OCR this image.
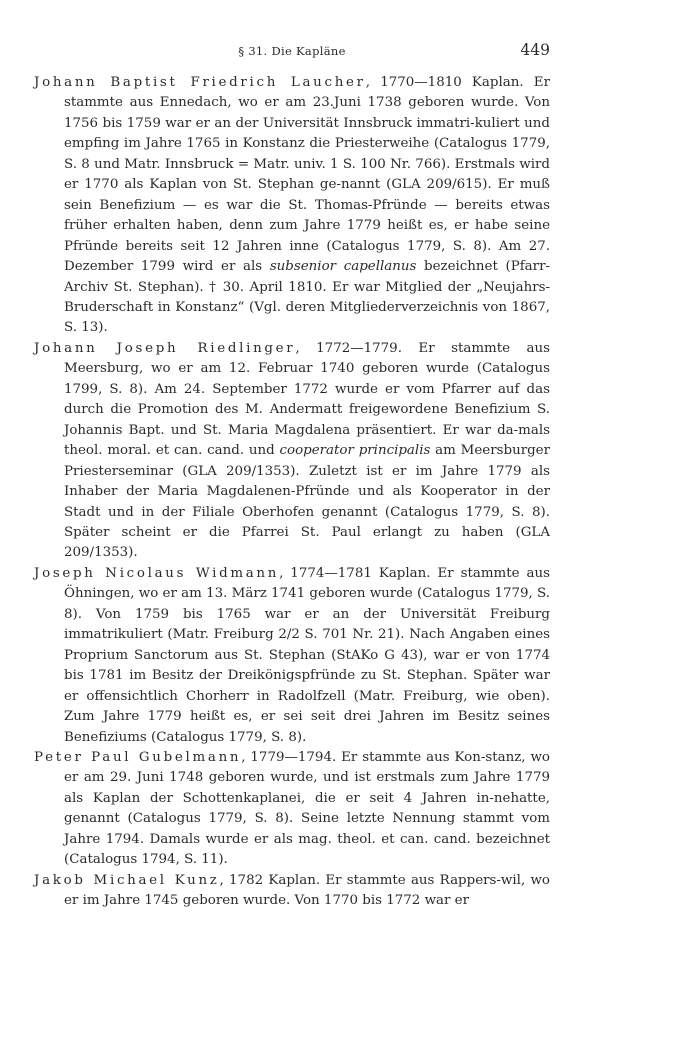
§ 31. Die Kapläne	449

Johann Baptist Friedrich Laucher, 1770—1810 Kaplan. Er stammte aus Ennedach, wo er am 23.Juni 1738 geboren wurde. Von 1756 bis 1759 war er an der Universität Innsbruck immatri-kuliert und empfing im Jahre 1765 in Konstanz die Priesterweihe (Catalogus 1779, S. 8 und Matr. Innsbruck = Matr. univ. 1 S. 100 Nr. 766). Erstmals wird er 1770 als Kaplan von St. Stephan ge-nannt (GLA 209/615). Er muß sein Benefizium — es war die St. Thomas-Pfründe — bereits etwas früher erhalten haben, denn zum Jahre 1779 heißt es, er habe seine Pfründe bereits seit 12 Jahren inne (Catalogus 1779, S. 8). Am 27. Dezember 1799 wird er als subsenior capellanus bezeichnet (Pfarr-Archiv St. Stephan). † 30. April 1810. Er war Mitglied der „Neujahrs-Bruderschaft in Konstanz“ (Vgl. deren Mitgliederverzeichnis von 1867, S. 13).

Johann Joseph Riedlinger, 1772—1779. Er stammte aus Meersburg, wo er am 12. Februar 1740 geboren wurde (Catalogus 1799, S. 8). Am 24. September 1772 wurde er vom Pfarrer auf das durch die Promotion des M. Andermatt freigewordene Benefizium S. Johannis Bapt. und St. Maria Magdalena präsentiert. Er war da-mals theol. moral. et can. cand. und cooperator principalis am Meersburger Priesterseminar (GLA 209/1353). Zuletzt ist er im Jahre 1779 als Inhaber der Maria Magdalenen-Pfründe und als Kooperator in der Stadt und in der Filiale Oberhofen genannt (Catalogus 1779, S. 8). Später scheint er die Pfarrei St. Paul erlangt zu haben (GLA 209/1353).

Joseph Nicolaus Widmann, 1774—1781 Kaplan. Er stammte aus Öhningen, wo er am 13. März 1741 geboren wurde (Catalogus 1779, S. 8). Von 1759 bis 1765 war er an der Universität Freiburg immatrikuliert (Matr. Freiburg 2/2 S. 701 Nr. 21). Nach Angaben eines Proprium Sanctorum aus St. Stephan (StAKo G 43), war er von 1774 bis 1781 im Besitz der Dreikönigspfründe zu St. Stephan. Später war er offensichtlich Chorherr in Radolfzell (Matr. Freiburg, wie oben). Zum Jahre 1779 heißt es, er sei seit drei Jahren im Besitz seines Benefiziums (Catalogus 1779, S. 8).

Peter Paul Gubelmann, 1779—1794. Er stammte aus Kon-stanz, wo er am 29. Juni 1748 geboren wurde, und ist erstmals zum Jahre 1779 als Kaplan der Schottenkaplanei, die er seit 4 Jahren in-nehatte, genannt (Catalogus 1779, S. 8). Seine letzte Nennung stammt vom Jahre 1794. Damals wurde er als mag. theol. et can. cand. bezeichnet (Catalogus 1794, S. 11).

Jakob Michael Kunz, 1782 Kaplan. Er stammte aus Rappers-wil, wo er im Jahre 1745 geboren wurde. Von 1770 bis 1772 war er
